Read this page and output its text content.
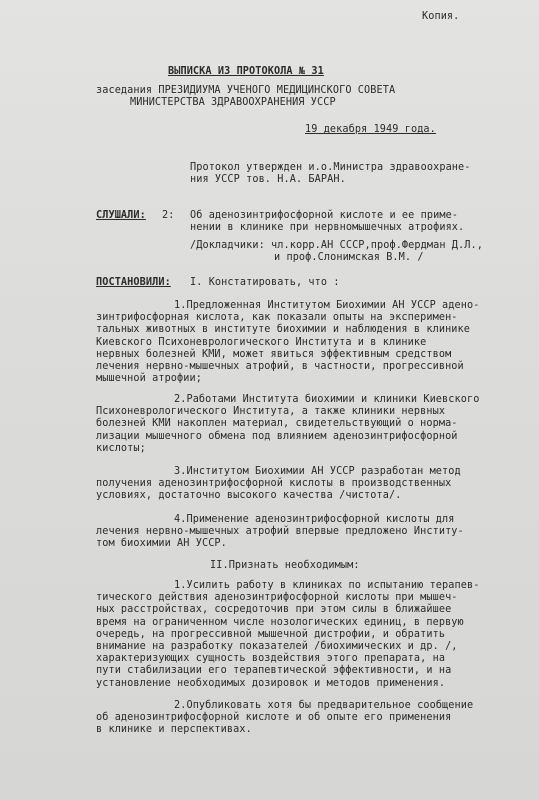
Копия.
ВЫПИСКА ИЗ ПРОТОКОЛА № 31
заседания ПРЕЗИДИУМА УЧЕНОГО МЕДИЦИНСКОГО СОВЕТА
МИНИСТЕРСТВА ЗДРАВООХРАНЕНИЯ УССР
19 декабря 1949 года.
Протокол утвержден и.о.Министра здравоохране-
ния УССР тов. Н.А. БАРАН.
СЛУШАЛИ: 2: Об аденозинтрифосфорной кислоте и ее приме-
нении в клинике при нервномышечных атрофиях.
/Докладчики: чл.корр.АН СССР,проф.Фердман Д.Л.,
и проф.Слонимская В.М. /
ПОСТАНОВИЛИ: I. Констатировать, что :
1.Предложенная Институтом Биохимии АН УССР адено-
зинтрифосфорная кислота, как показали опыты на эксперимен-
тальных животных в институте биохимии и наблюдения в клинике
Киевского Психоневрологического Института и в клинике
нервных болезней КМИ, может явиться эффективным средством
лечения нервно-мышечных атрофий, в частности, прогрессивной
мышечной атрофии;
2.Работами Института биохимии и клиники Киевского
Психоневрологического Института, а также клиники нервных
болезней КМИ накоплен материал, свидетельствующий о норма-
лизации мышечного обмена под влиянием аденозинтрифосфорной
кислоты;
3.Институтом Биохимии АН УССР разработан метод
получения аденозинтрифосфорной кислоты в производственных
условиях, достаточно высокого качества /чистота/.
4.Применение аденозинтрифосфорной кислоты для
лечения нервно-мышечных атрофий впервые предложено Институ-
том биохимии АН УССР.
II.Признать необходимым:
1.Усилить работу в клиниках по испытанию терапев-
тического действия аденозинтрифосфорной кислоты при мышеч-
ных расстройствах, сосредоточив при этом силы в ближайшее
время на ограниченном числе нозологических единиц, в первую
очередь, на прогрессивной мышечной дистрофии, и обратить
внимание на разработку показателей /биохимических и др. /,
характеризующих сущность воздействия этого препарата, на
пути стабилизации его терапевтической эффективности, и на
установление необходимых дозировок и методов применения.
2.Опубликовать хотя бы предварительное сообщение
об аденозинтрифосфорной кислоте и об опыте его применения
в клинике и перспективах.
